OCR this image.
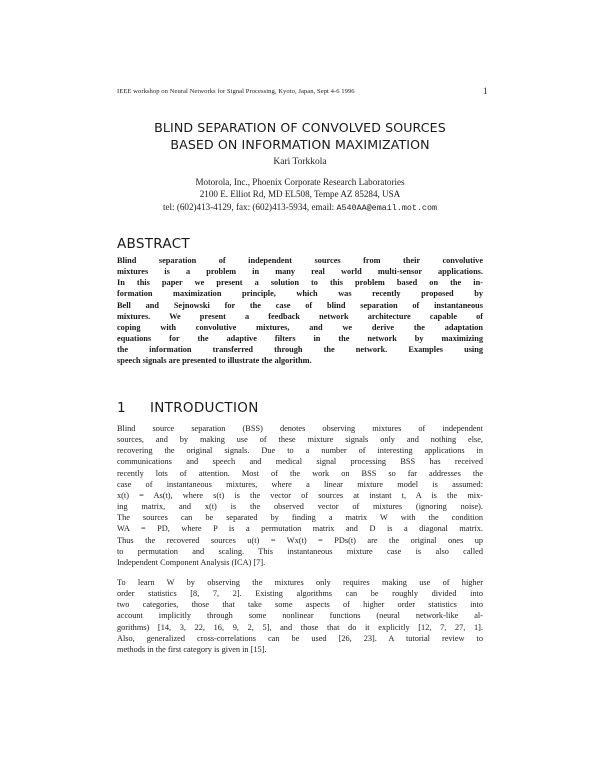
IEEE workshop on Neural Networks for Signal Processing, Kyoto, Japan, Sept 4-6 1996	1
BLIND SEPARATION OF CONVOLVED SOURCES
BASED ON INFORMATION MAXIMIZATION
Kari Torkkola
Motorola, Inc., Phoenix Corporate Research Laboratories
2100 E. Elliot Rd, MD EL508, Tempe AZ 85284, USA
tel: (602)413-4129, fax: (602)413-5934, email: A540AA@email.mot.com
ABSTRACT
Blind separation of independent sources from their convolutive
mixtures is a problem in many real world multi-sensor applications.
In this paper we present a solution to this problem based on the in-
formation maximization principle, which was recently proposed by
Bell and Sejnowski for the case of blind separation of instantaneous
mixtures. We present a feedback network architecture capable of
coping with convolutive mixtures, and we derive the adaptation
equations for the adaptive filters in the network by maximizing
the information transferred through the network. Examples using
speech signals are presented to illustrate the algorithm.
1 INTRODUCTION
Blind source separation (BSS) denotes observing mixtures of independent
sources, and by making use of these mixture signals only and nothing else,
recovering the original signals. Due to a number of interesting applications in
communications and speech and medical signal processing BSS has received
recently lots of attention. Most of the work on BSS so far addresses the
case of instantaneous mixtures, where a linear mixture model is assumed:
x(t) = As(t), where s(t) is the vector of sources at instant t, A is the mix-
ing matrix, and x(t) is the observed vector of mixtures (ignoring noise).
The sources can be separated by finding a matrix W with the condition
WA = PD, where P is a permutation matrix and D is a diagonal matrix.
Thus the recovered sources u(t) = Wx(t) = PDs(t) are the original ones up
to permutation and scaling. This instantaneous mixture case is also called
Independent Component Analysis (ICA) [7].
To learn W by observing the mixtures only requires making use of higher
order statistics [8, 7, 2]. Existing algorithms can be roughly divided into
two categories, those that take some aspects of higher order statistics into
account implicitly through some nonlinear functions (neural network-like al-
gorithms) [14, 3, 22, 16, 9, 2, 5], and those that do it explicitly [12, 7, 27, 1].
Also, generalized cross-correlations can be used [26, 23]. A tutorial review to
methods in the first category is given in [15].
